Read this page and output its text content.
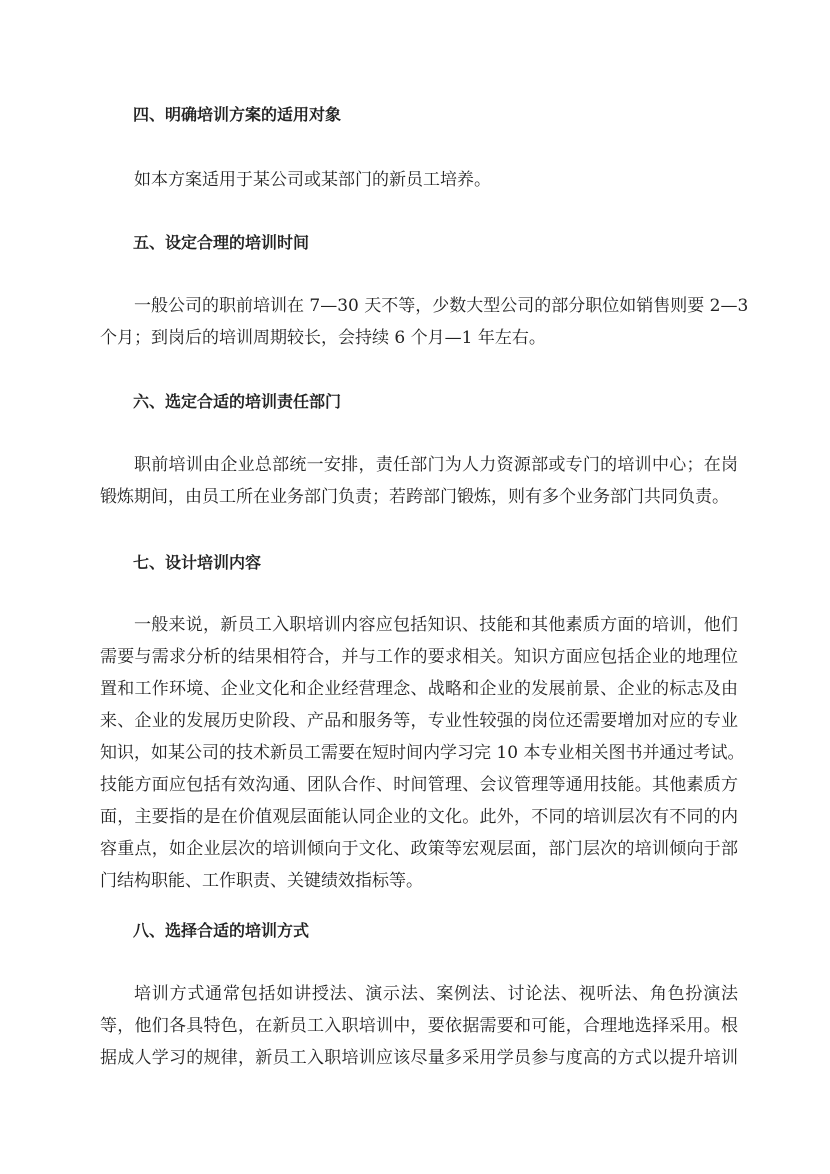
四、明确培训方案的适用对象
如本方案适用于某公司或某部门的新员工培养。
五、设定合理的培训时间
一般公司的职前培训在 7—30 天不等，少数大型公司的部分职位如销售则要 2—3
个月；到岗后的培训周期较长，会持续 6 个月—1 年左右。
六、选定合适的培训责任部门
职前培训由企业总部统一安排，责任部门为人力资源部或专门的培训中心；在岗
锻炼期间，由员工所在业务部门负责；若跨部门锻炼，则有多个业务部门共同负责。
七、设计培训内容
一般来说，新员工入职培训内容应包括知识、技能和其他素质方面的培训，他们
需要与需求分析的结果相符合，并与工作的要求相关。知识方面应包括企业的地理位
置和工作环境、企业文化和企业经营理念、战略和企业的发展前景、企业的标志及由
来、企业的发展历史阶段、产品和服务等，专业性较强的岗位还需要增加对应的专业
知识，如某公司的技术新员工需要在短时间内学习完 10 本专业相关图书并通过考试。
技能方面应包括有效沟通、团队合作、时间管理、会议管理等通用技能。其他素质方
面，主要指的是在价值观层面能认同企业的文化。此外，不同的培训层次有不同的内
容重点，如企业层次的培训倾向于文化、政策等宏观层面，部门层次的培训倾向于部
门结构职能、工作职责、关键绩效指标等。
八、选择合适的培训方式
培训方式通常包括如讲授法、演示法、案例法、讨论法、视听法、角色扮演法
等，他们各具特色，在新员工入职培训中，要依据需要和可能，合理地选择采用。根
据成人学习的规律，新员工入职培训应该尽量多采用学员参与度高的方式以提升培训
